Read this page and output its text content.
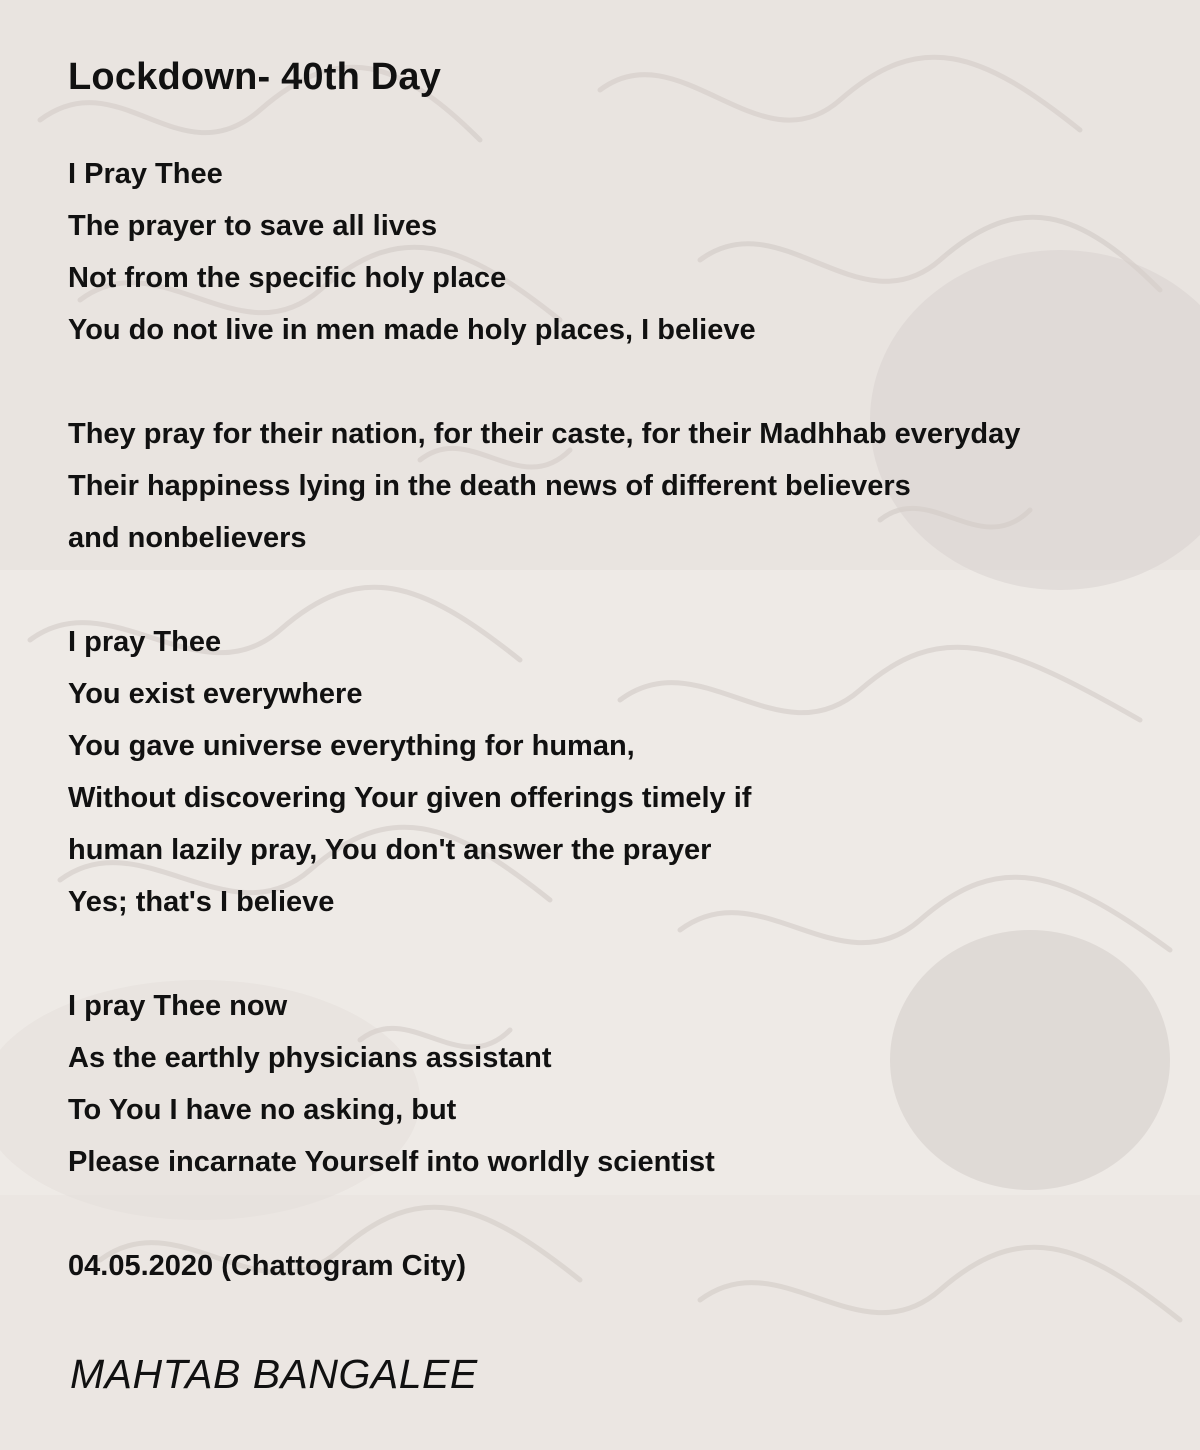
Lockdown- 40th Day
I Pray Thee
The prayer to save all lives
Not from the specific holy place
You do not live in men made holy places, I believe
They pray for their nation, for their caste, for their Madhhab everyday
Their happiness lying in the death news of different believers
and nonbelievers
I pray Thee
You exist everywhere
You gave universe everything for human,
Without discovering Your given offerings timely if
human lazily pray, You don't answer the prayer
Yes; that's I believe
I pray Thee now
As the earthly physicians assistant
To You I have no asking, but
Please incarnate Yourself into worldly scientist
04.05.2020 (Chattogram City)
MAHTAB BANGALEE
